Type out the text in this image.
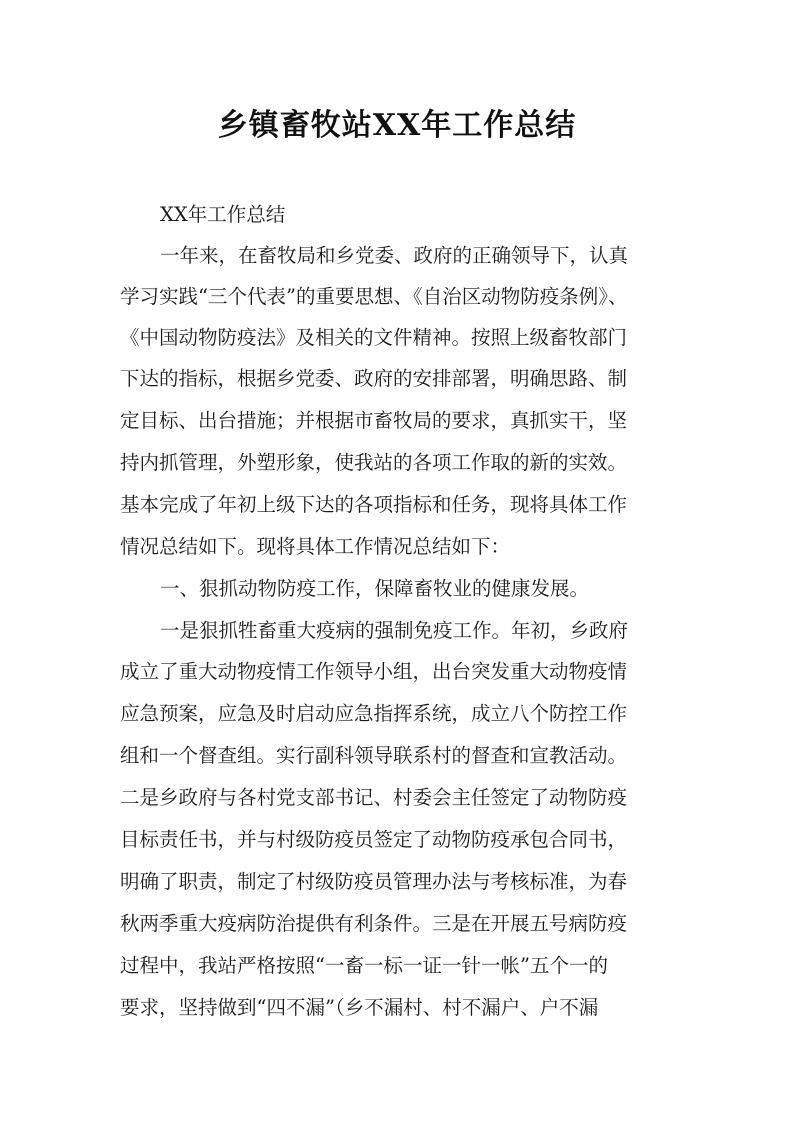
乡镇畜牧站XX年工作总结
XX年工作总结
一年来，在畜牧局和乡党委、政府的正确领导下，认真
学习实践“三个代表”的重要思想、《自治区动物防疫条例》、
《中国动物防疫法》及相关的文件精神。按照上级畜牧部门
下达的指标，根据乡党委、政府的安排部署，明确思路、制
定目标、出台措施；并根据市畜牧局的要求，真抓实干，坚
持内抓管理，外塑形象，使我站的各项工作取的新的实效。
基本完成了年初上级下达的各项指标和任务，现将具体工作
情况总结如下。现将具体工作情况总结如下：
一、狠抓动物防疫工作，保障畜牧业的健康发展。
一是狠抓牲畜重大疫病的强制免疫工作。年初，乡政府
成立了重大动物疫情工作领导小组，出台突发重大动物疫情
应急预案，应急及时启动应急指挥系统，成立八个防控工作
组和一个督查组。实行副科领导联系村的督查和宣教活动。
二是乡政府与各村党支部书记、村委会主任签定了动物防疫
目标责任书，并与村级防疫员签定了动物防疫承包合同书，
明确了职责，制定了村级防疫员管理办法与考核标准，为春
秋两季重大疫病防治提供有利条件。三是在开展五号病防疫
过程中，我站严格按照“一畜一标一证一针一帐”五个一的
要求，坚持做到“四不漏”（乡不漏村、村不漏户、户不漏
